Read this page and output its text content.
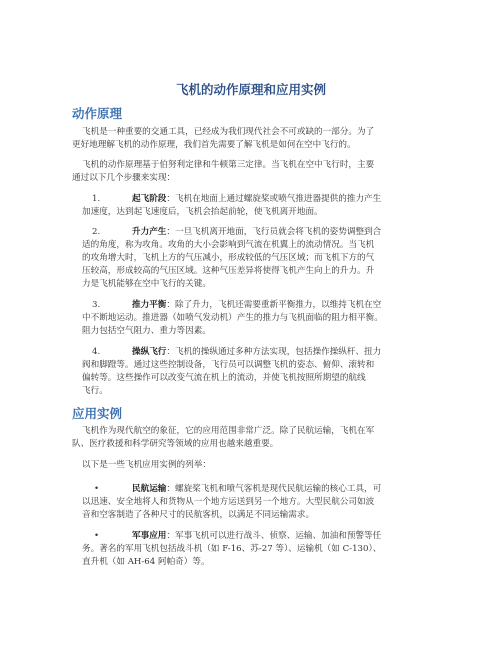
飞机的动作原理和应用实例
动作原理
飞机是一种重要的交通工具，已经成为我们现代社会不可或缺的一部分。为了
更好地理解飞机的动作原理，我们首先需要了解飞机是如何在空中飞行的。
飞机的动作原理基于伯努利定律和牛顿第三定律。当飞机在空中飞行时，主要
通过以下几个步骤来实现：
1.	起飞阶段：飞机在地面上通过螺旋桨或喷气推进器提供的推力产生
加速度，达到起飞速度后，飞机会抬起前轮，使飞机离开地面。
2.	升力产生：一旦飞机离开地面，飞行员就会将飞机的姿势调整到合
适的角度，称为攻角。攻角的大小会影响到气流在机翼上的流动情况。当飞机
的攻角增大时，飞机上方的气压减小，形成较低的气压区域；而飞机下方的气
压较高，形成较高的气压区域。这种气压差异将使得飞机产生向上的升力。升
力是飞机能够在空中飞行的关键。
3.	推力平衡：除了升力，飞机还需要重新平衡推力，以维持飞机在空
中不断地运动。推进器（如喷气发动机）产生的推力与飞机面临的阻力相平衡。
阻力包括空气阻力、重力等因素。
4.	操纵飞行：飞机的操纵通过多种方法实现，包括操作操纵杆、扭力
阀和脚蹬等。通过这些控制设备，飞行员可以调整飞机的姿态、俯仰、滚转和
偏转等。这些操作可以改变气流在机上的流动，并使飞机按照所期望的航线
飞行。
应用实例
飞机作为现代航空的象征，它的应用范围非常广泛。除了民航运输，飞机在军
队、医疗救援和科学研究等领域的应用也越来越重要。
以下是一些飞机应用实例的列举：
•	民航运输：螺旋桨飞机和喷气客机是现代民航运输的核心工具，可
以迅速、安全地将人和货物从一个地方运送到另一个地方。大型民航公司如波
音和空客制造了各种尺寸的民航客机，以满足不同运输需求。
•	军事应用：军事飞机可以进行战斗、侦察、运输、加油和预警等任
务。著名的军用飞机包括战斗机（如 F-16、苏-27 等）、运输机（如 C-130）、
直升机（如 AH-64 阿帕奇）等。
